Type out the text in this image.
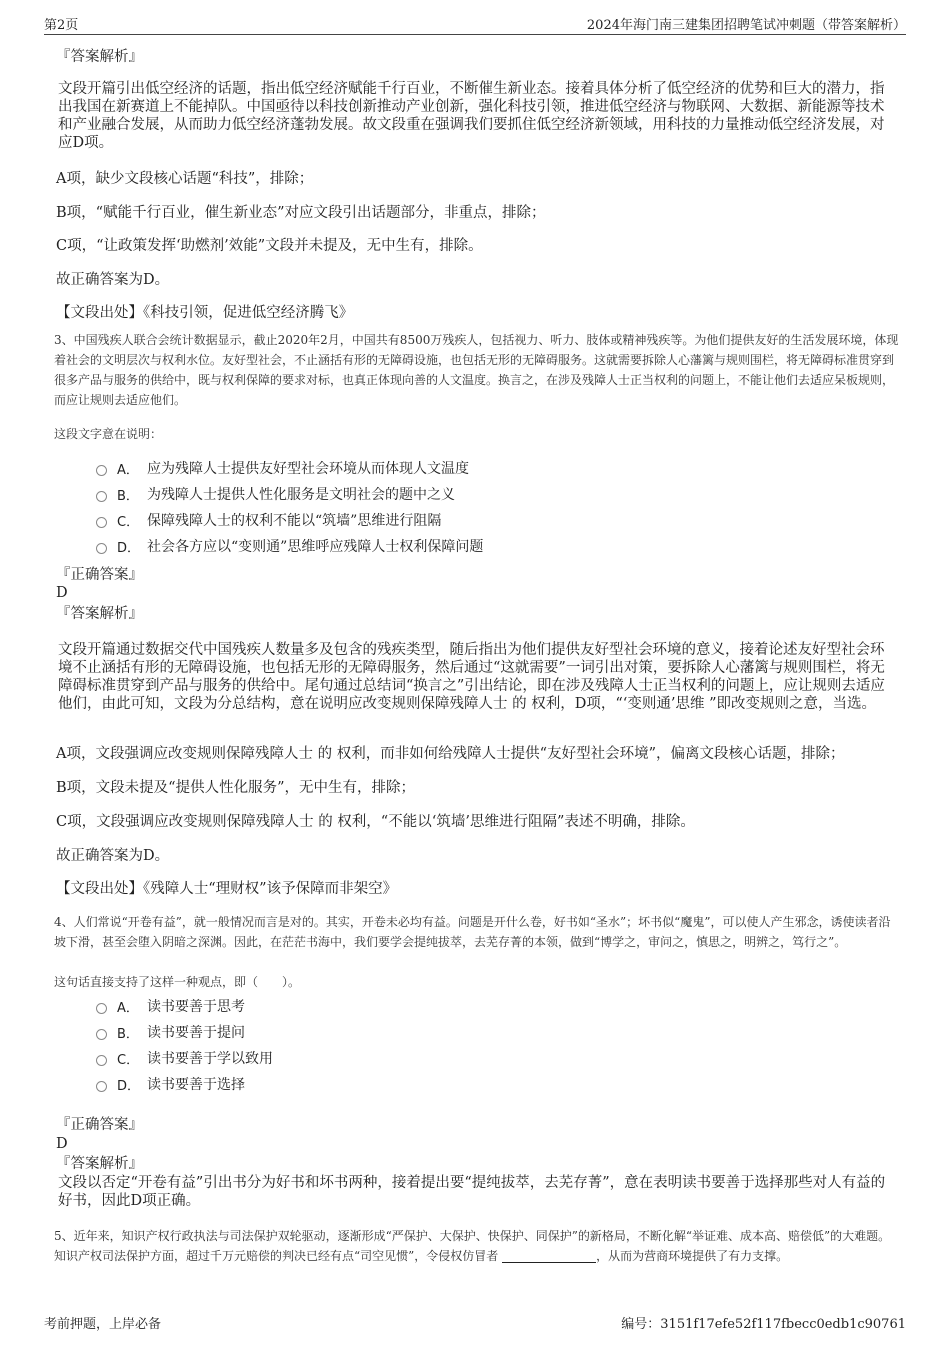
第2页	2024年海门南三建集团招聘笔试冲刺题（带答案解析）
『答案解析』
文段开篇引出低空经济的话题，指出低空经济赋能千行百业，不断催生新业态。接着具体分析了低空经济的优势和巨大的潜力，指出我国在新赛道上不能掉队。中国亟待以科技创新推动产业创新，强化科技引领，推进低空经济与物联网、大数据、新能源等技术和产业融合发展，从而助力低空经济蓬勃发展。故文段重在强调我们要抓住低空经济新领域，用科技的力量推动低空经济发展，对应D项。
A项，缺少文段核心话题“科技”，排除；
B项，“赋能千行百业，催生新业态”对应文段引出话题部分，非重点，排除；
C项，“让政策发挥‘助燃剂’效能”文段并未提及，无中生有，排除。
故正确答案为D。
【文段出处】《科技引领，促进低空经济腾飞》
3、中国残疾人联合会统计数据显示，截止2020年2月，中国共有8500万残疾人，包括视力、听力、肢体或精神残疾等。为他们提供友好的生活发展环境，体现着社会的文明层次与权利水位。友好型社会，不止涵括有形的无障碍设施，也包括无形的无障碍服务。这就需要拆除人心藩篱与规则围栏，将无障碍标准贯穿到很多产品与服务的供给中，既与权利保障的要求对标，也真正体现向善的人文温度。换言之，在涉及残障人士正当权利的问题上，不能让他们去适应呆板规则，而应让规则去适应他们。
这段文字意在说明：
A． 应为残障人士提供友好型社会环境从而体现人文温度
B． 为残障人士提供人性化服务是文明社会的题中之义
C． 保障残障人士的权利不能以“筑墙”思维进行阻隔
D． 社会各方应以“变则通”思维呼应残障人士权利保障问题
『正确答案』
D
『答案解析』
文段开篇通过数据交代中国残疾人数量多及包含的残疾类型，随后指出为他们提供友好型社会环境的意义，接着论述友好型社会环境不止涵括有形的无障碍设施，也包括无形的无障碍服务，然后通过“这就需要”一词引出对策，要拆除人心藩篱与规则围栏，将无障碍标准贯穿到产品与服务的供给中。尾句通过总结词“换言之”引出结论，即在涉及残障人士正当权利的问题上，应让规则去适应他们，由此可知，文段为分总结构，意在说明应改变规则保障残障人士 的 权利，D项，“‘变则通’思维 ”即改变规则之意，当选。
A项，文段强调应改变规则保障残障人士 的 权利，而非如何给残障人士提供“友好型社会环境”，偏离文段核心话题，排除；
B项，文段未提及“提供人性化服务”，无中生有，排除；
C项，文段强调应改变规则保障残障人士 的 权利，“不能以‘筑墙’思维进行阻隔”表述不明确，排除。
故正确答案为D。
【文段出处】《残障人士“理财权”该予保障而非架空》
4、人们常说“开卷有益”，就一般情况而言是对的。其实，开卷未必均有益。问题是开什么卷，好书如“圣水”；坏书似“魔鬼”，可以使人产生邪念，诱使读者沿坡下滑，甚至会堕入阴暗之深渊。因此，在茫茫书海中，我们要学会提纯拔萃，去芜存菁的本领，做到“博学之，审问之，慎思之，明辨之，笃行之”。
这句话直接支持了这样一种观点，即（　　）。
A． 读书要善于思考
B． 读书要善于提问
C． 读书要善于学以致用
D． 读书要善于选择
『正确答案』
D
『答案解析』
文段以否定“开卷有益”引出书分为好书和坏书两种，接着提出要“提纯拔萃，去芜存菁”，意在表明读书要善于选择那些对人有益的好书，因此D项正确。
5、近年来，知识产权行政执法与司法保护双轮驱动，逐渐形成“严保护、大保护、快保护、同保护”的新格局，不断化解“举证难、成本高、赔偿低”的大难题。知识产权司法保护方面，超过千万元赔偿的判决已经有点“司空见惯”，令侵权仿冒者	，从而为营商环境提供了有力支撑。
考前押题，上岸必备	编号：3151f17efe52f117fbecc0edb1c90761
